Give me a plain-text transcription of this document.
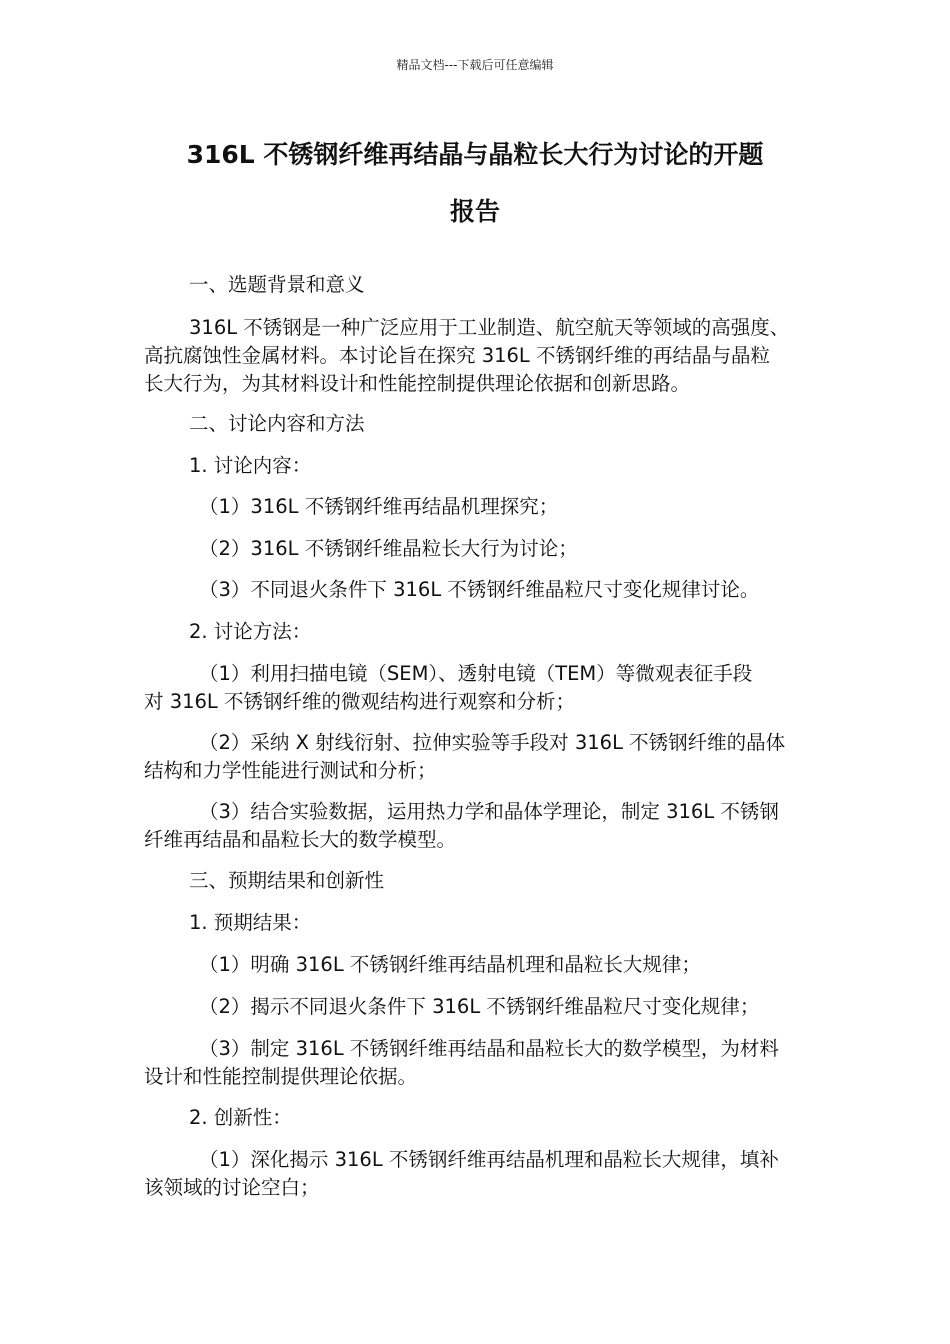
精品文档---下载后可任意编辑
316L 不锈钢纤维再结晶与晶粒长大行为讨论的开题
报告

一、选题背景和意义

316L 不锈钢是一种广泛应用于工业制造、航空航天等领域的高强度、
高抗腐蚀性金属材料。本讨论旨在探究 316L 不锈钢纤维的再结晶与晶粒
长大行为，为其材料设计和性能控制提供理论依据和创新思路。

二、讨论内容和方法

1. 讨论内容：

（1）316L 不锈钢纤维再结晶机理探究；

（2）316L 不锈钢纤维晶粒长大行为讨论；

（3）不同退火条件下 316L 不锈钢纤维晶粒尺寸变化规律讨论。

2. 讨论方法：

（1）利用扫描电镜（SEM）、透射电镜（TEM）等微观表征手段
对 316L 不锈钢纤维的微观结构进行观察和分析；

（2）采纳 X 射线衍射、拉伸实验等手段对 316L 不锈钢纤维的晶体
结构和力学性能进行测试和分析；

（3）结合实验数据，运用热力学和晶体学理论，制定 316L 不锈钢
纤维再结晶和晶粒长大的数学模型。

三、预期结果和创新性

1. 预期结果：

（1）明确 316L 不锈钢纤维再结晶机理和晶粒长大规律；

（2）揭示不同退火条件下 316L 不锈钢纤维晶粒尺寸变化规律；

（3）制定 316L 不锈钢纤维再结晶和晶粒长大的数学模型，为材料
设计和性能控制提供理论依据。

2. 创新性：

（1）深化揭示 316L 不锈钢纤维再结晶机理和晶粒长大规律，填补
该领域的讨论空白；
